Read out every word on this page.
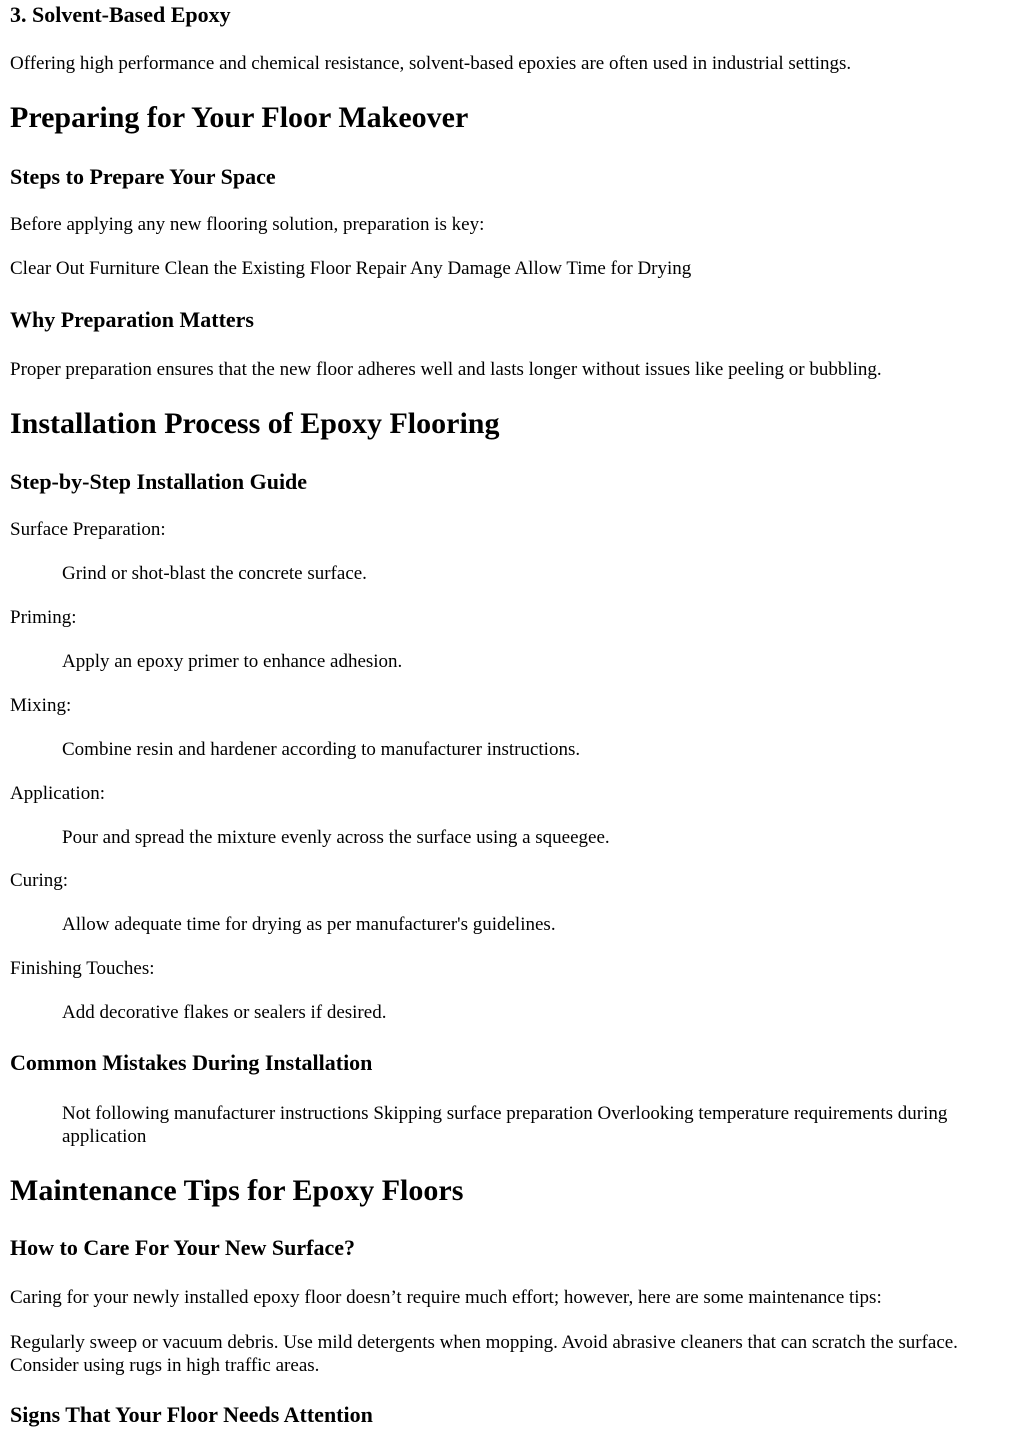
3. Solvent-Based Epoxy

Offering high performance and chemical resistance, solvent-based epoxies are often used in industrial settings.

Preparing for Your Floor Makeover
Steps to Prepare Your Space

Before applying any new flooring solution, preparation is key:

Clear Out Furniture Clean the Existing Floor Repair Any Damage Allow Time for Drying

Why Preparation Matters

Proper preparation ensures that the new floor adheres well and lasts longer without issues like peeling or bubbling.

Installation Process of Epoxy Flooring
Step-by-Step Installation Guide

Surface Preparation:

Grind or shot-blast the concrete surface.

Priming:

Apply an epoxy primer to enhance adhesion.

Mixing:

Combine resin and hardener according to manufacturer instructions.

Application:

Pour and spread the mixture evenly across the surface using a squeegee.

Curing:

Allow adequate time for drying as per manufacturer's guidelines.

Finishing Touches:

Add decorative flakes or sealers if desired.

Common Mistakes During Installation

Not following manufacturer instructions Skipping surface preparation Overlooking temperature requirements during application

Maintenance Tips for Epoxy Floors
How to Care For Your New Surface?

Caring for your newly installed epoxy floor doesn’t require much effort; however, here are some maintenance tips:

Regularly sweep or vacuum debris. Use mild detergents when mopping. Avoid abrasive cleaners that can scratch the surface. Consider using rugs in high traffic areas.

Signs That Your Floor Needs Attention
